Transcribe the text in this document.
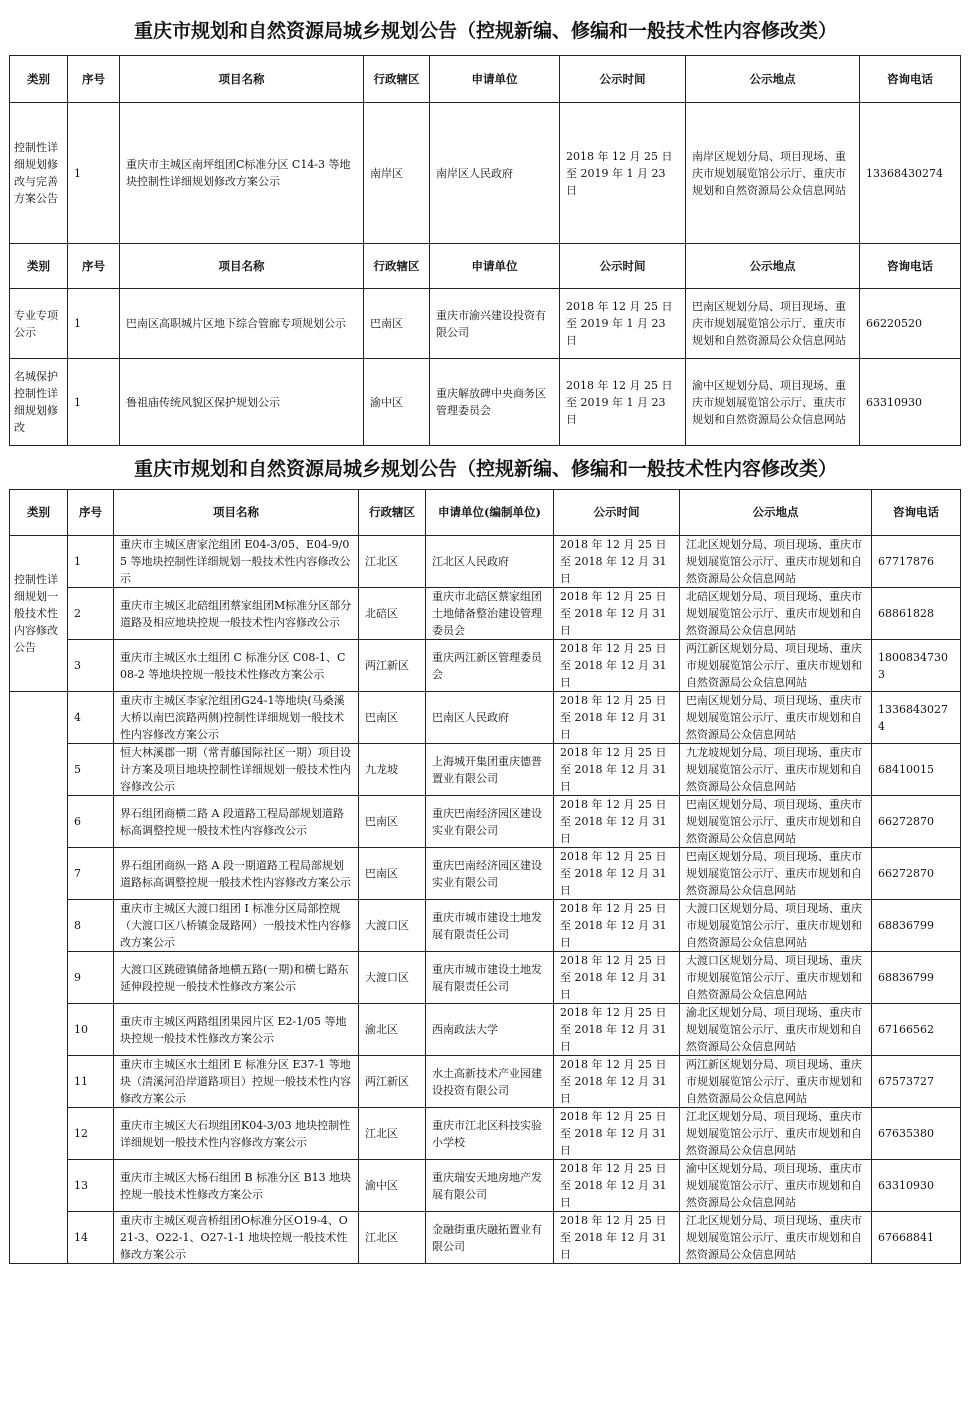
重庆市规划和自然资源局城乡规划公告（控规新编、修编和一般技术性内容修改类）
类别	序号	项目名称	行政辖区	申请单位	公示时间	公示地点	咨询电话
控制性详细规划修改与完善方案公告	1	重庆市主城区南坪组团C标准分区 C14-3 等地块控制性详细规划修改方案公示	南岸区	南岸区人民政府	2018 年 12 月 25 日至 2019 年 1 月 23 日	南岸区规划分局、项目现场、重庆市规划展览馆公示厅、重庆市规划和自然资源局公众信息网站	13368430274
类别	序号	项目名称	行政辖区	申请单位	公示时间	公示地点	咨询电话
专业专项公示	1	巴南区高职城片区地下综合管廊专项规划公示	巴南区	重庆市渝兴建设投资有限公司	2018 年 12 月 25 日至 2019 年 1 月 23 日	巴南区规划分局、项目现场、重庆市规划展览馆公示厅、重庆市规划和自然资源局公众信息网站	66220520
名城保护控制性详细规划修改	1	鲁祖庙传统风貌区保护规划公示	渝中区	重庆解放碑中央商务区管理委员会	2018 年 12 月 25 日至 2019 年 1 月 23 日	渝中区规划分局、项目现场、重庆市规划展览馆公示厅、重庆市规划和自然资源局公众信息网站	63310930
重庆市规划和自然资源局城乡规划公告（控规新编、修编和一般技术性内容修改类）
类别	序号	项目名称	行政辖区	申请单位(编制单位)	公示时间	公示地点	咨询电话
控制性详细规划一般技术性内容修改公告	1	重庆市主城区唐家沱组团 E04-3/05、E04-9/05 等地块控制性详细规划一般技术性内容修改公示	江北区	江北区人民政府	2018 年 12 月 25 日至 2018 年 12 月 31 日	江北区规划分局、项目现场、重庆市规划展览馆公示厅、重庆市规划和自然资源局公众信息网站	67717876
	2	重庆市主城区北碚组团蔡家组团M标准分区部分道路及相应地块控规一般技术性内容修改公示	北碚区	重庆市北碚区蔡家组团土地储备整治建设管理委员会	2018 年 12 月 25 日至 2018 年 12 月 31 日	北碚区规划分局、项目现场、重庆市规划展览馆公示厅、重庆市规划和自然资源局公众信息网站	68861828
	3	重庆市主城区水土组团 C 标准分区 C08-1、C08-2 等地块控规一般技术性修改方案公示	两江新区	重庆两江新区管理委员会	2018 年 12 月 25 日至 2018 年 12 月 31 日	两江新区规划分局、项目现场、重庆市规划展览馆公示厅、重庆市规划和自然资源局公众信息网站	18008347303
	4	重庆市主城区李家沱组团G24-1等地块(马桑溪大桥以南巴滨路两侧)控制性详细规划一般技术性内容修改方案公示	巴南区	巴南区人民政府	2018 年 12 月 25 日至 2018 年 12 月 31 日	巴南区规划分局、项目现场、重庆市规划展览馆公示厅、重庆市规划和自然资源局公众信息网站	13368430274
	5	恒大林溪郡一期（常青藤国际社区一期）项目设计方案及项目地块控制性详细规划一般技术性内容修改公示	九龙坡	上海城开集团重庆德普置业有限公司	2018 年 12 月 25 日至 2018 年 12 月 31 日	九龙坡规划分局、项目现场、重庆市规划展览馆公示厅、重庆市规划和自然资源局公众信息网站	68410015
	6	界石组团商横二路 A 段道路工程局部规划道路标高调整控规一般技术性内容修改公示	巴南区	重庆巴南经济园区建设实业有限公司	2018 年 12 月 25 日至 2018 年 12 月 31 日	巴南区规划分局、项目现场、重庆市规划展览馆公示厅、重庆市规划和自然资源局公众信息网站	66272870
	7	界石组团商纵一路 A 段一期道路工程局部规划道路标高调整控规一般技术性内容修改方案公示	巴南区	重庆巴南经济园区建设实业有限公司	2018 年 12 月 25 日至 2018 年 12 月 31 日	巴南区规划分局、项目现场、重庆市规划展览馆公示厅、重庆市规划和自然资源局公众信息网站	66272870
	8	重庆市主城区大渡口组团 I 标准分区局部控规（大渡口区八桥镇金晟路网）一般技术性内容修改方案公示	大渡口区	重庆市城市建设土地发展有限责任公司	2018 年 12 月 25 日至 2018 年 12 月 31 日	大渡口区规划分局、项目现场、重庆市规划展览馆公示厅、重庆市规划和自然资源局公众信息网站	68836799
	9	大渡口区跳磴镇储备地横五路(一期)和横七路东延伸段控规一般技术性修改方案公示	大渡口区	重庆市城市建设土地发展有限责任公司	2018 年 12 月 25 日至 2018 年 12 月 31 日	大渡口区规划分局、项目现场、重庆市规划展览馆公示厅、重庆市规划和自然资源局公众信息网站	68836799
	10	重庆市主城区两路组团果园片区 E2-1/05 等地块控规一般技术性修改方案公示	渝北区	西南政法大学	2018 年 12 月 25 日至 2018 年 12 月 31 日	渝北区规划分局、项目现场、重庆市规划展览馆公示厅、重庆市规划和自然资源局公众信息网站	67166562
	11	重庆市主城区水土组团 E 标准分区 E37-1 等地块（清溪河沿岸道路项目）控规一般技术性内容修改方案公示	两江新区	水土高新技术产业园建设投资有限公司	2018 年 12 月 25 日至 2018 年 12 月 31 日	两江新区规划分局、项目现场、重庆市规划展览馆公示厅、重庆市规划和自然资源局公众信息网站	67573727
	12	重庆市主城区大石坝组团K04-3/03 地块控制性详细规划一般技术性内容修改方案公示	江北区	重庆市江北区科技实验小学校	2018 年 12 月 25 日至 2018 年 12 月 31 日	江北区规划分局、项目现场、重庆市规划展览馆公示厅、重庆市规划和自然资源局公众信息网站	67635380
	13	重庆市主城区大杨石组团 B 标准分区 B13 地块控规一般技术性修改方案公示	渝中区	重庆瑞安天地房地产发展有限公司	2018 年 12 月 25 日至 2018 年 12 月 31 日	渝中区规划分局、项目现场、重庆市规划展览馆公示厅、重庆市规划和自然资源局公众信息网站	63310930
	14	重庆市主城区观音桥组团O标准分区O19-4、O21-3、O22-1、O27-1-1 地块控规一般技术性修改方案公示	江北区	金融街重庆融拓置业有限公司	2018 年 12 月 25 日至 2018 年 12 月 31 日	江北区规划分局、项目现场、重庆市规划展览馆公示厅、重庆市规划和自然资源局公众信息网站	67668841
